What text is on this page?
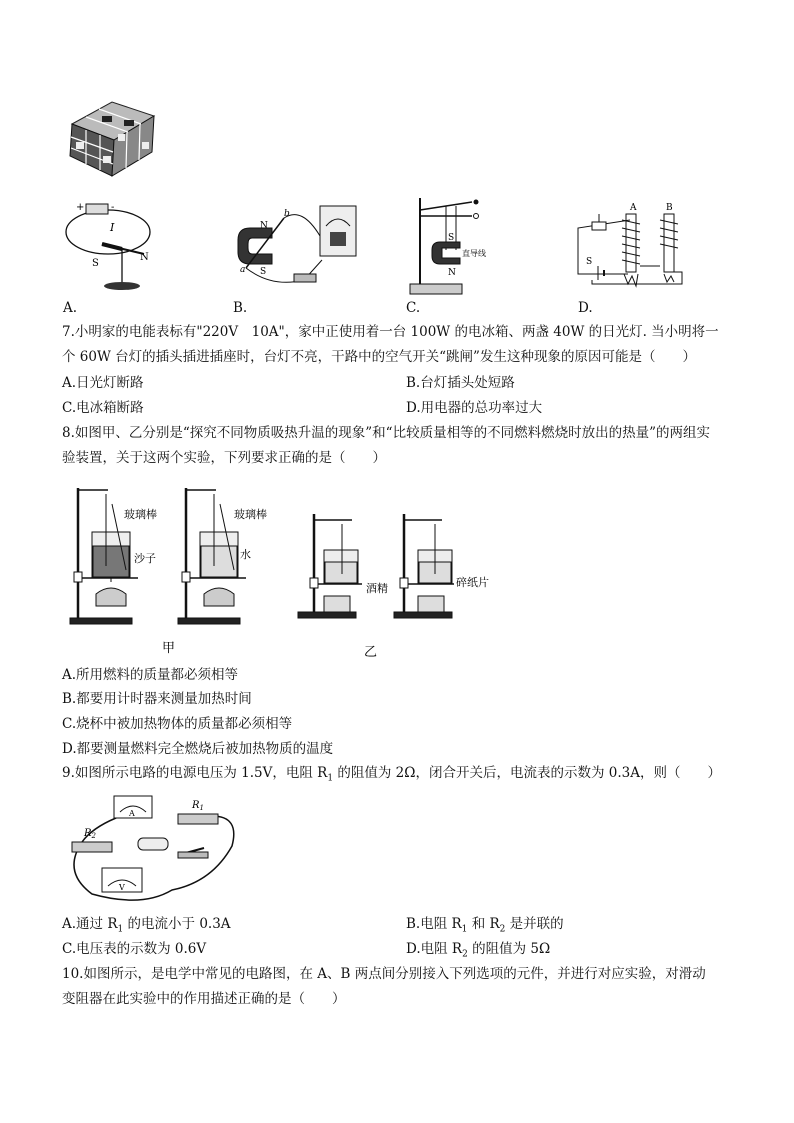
+	-
I
S
N
A.
N
S
a
b
B.
S
N
直导线
C.
A	B
S
D.
7.小明家的电能表标有"220V　10A"，家中正使用着一台 100W 的电冰箱、两盏 40W 的日光灯. 当小明将一
个 60W 台灯的插头插进插座时，台灯不亮，干路中的空气开关“跳闸”发生这种现象的原因可能是（　　）
A.日光灯断路	B.台灯插头处短路
C.电冰箱断路	D.用电器的总功率过大
8.如图甲、乙分别是“探究不同物质吸热升温的现象”和“比较质量相等的不同燃料燃烧时放出的热量”的两组实
验装置，关于这两个实验，下列要求正确的是（　　）
玻璃棒
沙子
玻璃棒
水
甲
酒精	碎纸片
乙
A.所用燃料的质量都必须相等
B.都要用计时器来测量加热时间
C.烧杯中被加热物体的质量都必须相等
D.都要测量燃料完全燃烧后被加热物质的温度
9.如图所示电路的电源电压为 1.5V，电阻 $R_1$ 的阻值为 2Ω，闭合开关后，电流表的示数为 0.3A，则（　　）
A
$R_1$
$R_2$
V
A.通过 $R_1$ 的电流小于 0.3A	B.电阻 $R_1$ 和 $R_2$ 是并联的
C.电压表的示数为 0.6V	D.电阻 $R_2$ 的阻值为 5Ω
10.如图所示，是电学中常见的电路图，在 A、B 两点间分别接入下列选项的元件，并进行对应实验，对滑动
变阻器在此实验中的作用描述正确的是（　　）
